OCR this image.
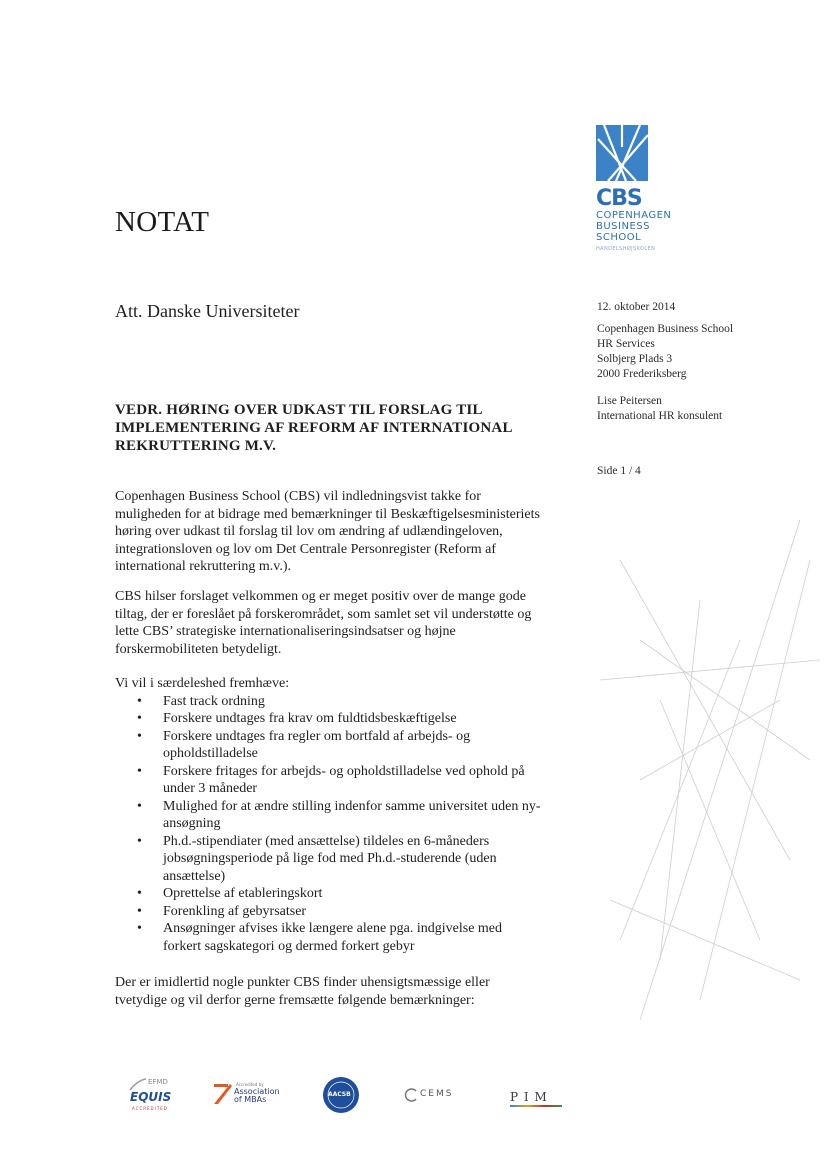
CBS
COPENHAGEN
BUSINESS SCHOOL
HANDELSHØJSKOLEN
NOTAT
Att. Danske Universiteter	12. oktober 2014
Copenhagen Business School
HR Services
Solbjerg Plads 3
2000 Frederiksberg
Lise Peitersen
International HR konsulent
Side 1 / 4
VEDR. HØRING OVER UDKAST TIL FORSLAG TIL IMPLEMENTERING AF REFORM AF INTERNATIONAL REKRUTTERING M.V.

Copenhagen Business School (CBS) vil indledningsvist takke for
muligheden for at bidrage med bemærkninger til Beskæftigelsesministeriets
høring over udkast til forslag til lov om ændring af udlændingeloven,
integrationsloven og lov om Det Centrale Personregister (Reform af
international rekruttering m.v.).

CBS hilser forslaget velkommen og er meget positiv over de mange gode
tiltag, der er foreslået på forskerområdet, som samlet set vil understøtte og
lette CBS’ strategiske internationaliseringsindsatser og højne
forskermobiliteten betydeligt.

Vi vil i særdeleshed fremhæve:

• Fast track ordning
• Forskere undtages fra krav om fuldtidsbeskæftigelse
• Forskere undtages fra regler om bortfald af arbejds- og
opholdstilladelse
• Forskere fritages for arbejds- og opholdstilladelse ved ophold på
under 3 måneder
• Mulighed for at ændre stilling indenfor samme universitet uden ny-
ansøgning
• Ph.d.-stipendiater (med ansættelse) tildeles en 6-måneders
jobsøgningsperiode på lige fod med Ph.d.-studerende (uden
ansættelse)
• Oprettelse af etableringskort
• Forenkling af gebyrsatser
• Ansøgninger afvises ikke længere alene pga. indgivelse med
forkert sagskategori og dermed forkert gebyr

Der er imidlertid nogle punkter CBS finder uhensigtsmæssige eller
tvetydige og vil derfor gerne fremsætte følgende bemærkninger:

EFMD
EQUIS
ACCREDITED
Accredited by
Association
of MBAs
AACSB	CEMS	P I M
